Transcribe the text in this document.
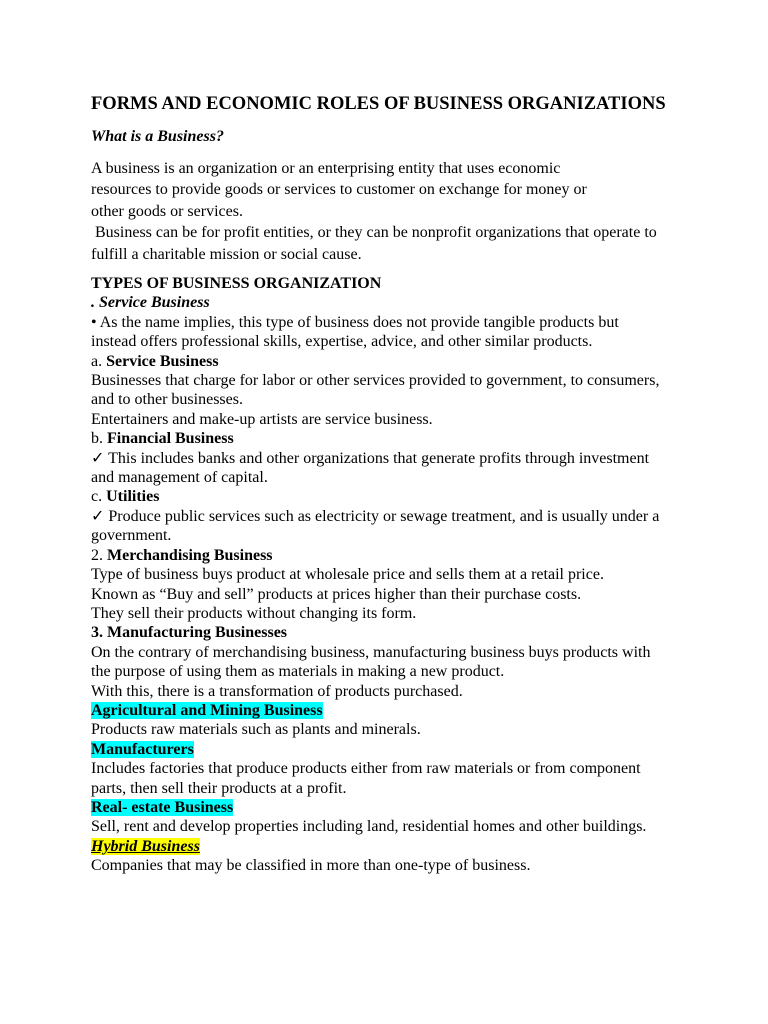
FORMS AND ECONOMIC ROLES OF BUSINESS ORGANIZATIONS
What is a Business?
A business is an organization or an enterprising entity that uses economic
resources to provide goods or services to customer on exchange for money or
other goods or services.
Business can be for profit entities, or they can be nonprofit organizations that operate to
fulfill a charitable mission or social cause.
TYPES OF BUSINESS ORGANIZATION
. Service Business
• As the name implies, this type of business does not provide tangible products but
instead offers professional skills, expertise, advice, and other similar products.
a. Service Business
Businesses that charge for labor or other services provided to government, to consumers,
and to other businesses.
Entertainers and make-up artists are service business.
b. Financial Business
✓ This includes banks and other organizations that generate profits through investment
and management of capital.
c. Utilities
✓ Produce public services such as electricity or sewage treatment, and is usually under a
government.
2. Merchandising Business
Type of business buys product at wholesale price and sells them at a retail price.
Known as “Buy and sell” products at prices higher than their purchase costs.
They sell their products without changing its form.
3. Manufacturing Businesses
On the contrary of merchandising business, manufacturing business buys products with
the purpose of using them as materials in making a new product.
With this, there is a transformation of products purchased.
Agricultural and Mining Business
Products raw materials such as plants and minerals.
Manufacturers
Includes factories that produce products either from raw materials or from component
parts, then sell their products at a profit.
Real- estate Business
Sell, rent and develop properties including land, residential homes and other buildings.
Hybrid Business
Companies that may be classified in more than one-type of business.
